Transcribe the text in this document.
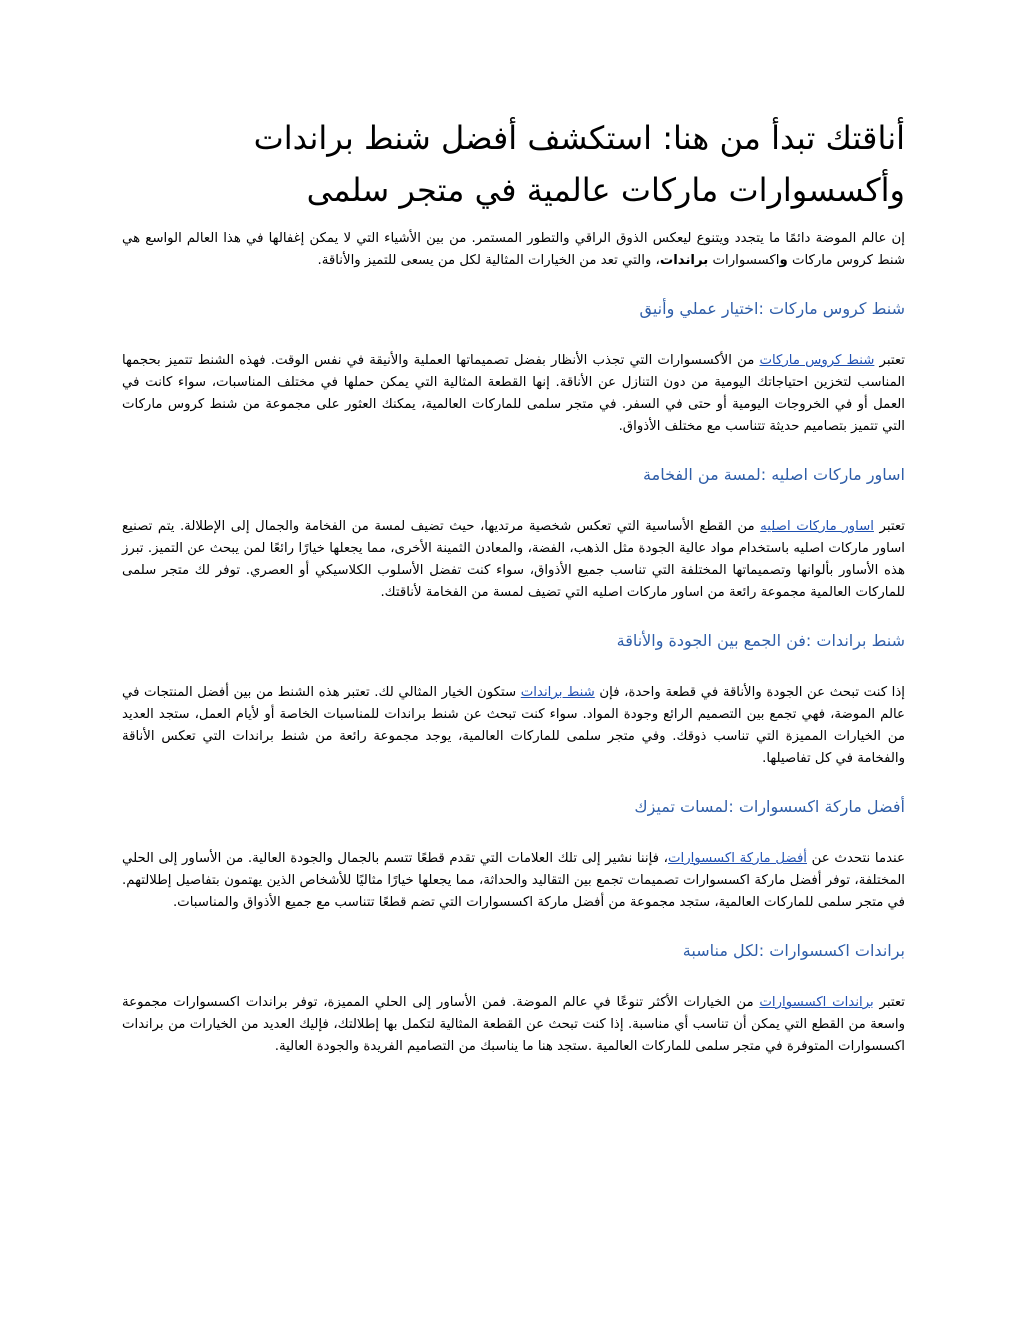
أناقتك تبدأ من هنا: استكشف أفضل شنط براندات وأكسسوارات ماركات عالمية في متجر سلمى

إن عالم الموضة دائمًا ما يتجدد ويتنوع ليعكس الذوق الراقي والتطور المستمر. من بين الأشياء التي لا يمكن إغفالها في هذا العالم الواسع هي شنط كروس ماركات واكسسوارات براندات، والتي تعد من الخيارات المثالية لكل من يسعى للتميز والأناقة.

شنط كروس ماركات :اختيار عملي وأنيق

تعتبر شنط كروس ماركات من الأكسسوارات التي تجذب الأنظار بفضل تصميماتها العملية والأنيقة في نفس الوقت. فهذه الشنط تتميز بحجمها المناسب لتخزين احتياجاتك اليومية من دون التنازل عن الأناقة. إنها القطعة المثالية التي يمكن حملها في مختلف المناسبات، سواء كانت في العمل أو في الخروجات اليومية أو حتى في السفر. في متجر سلمى للماركات العالمية، يمكنك العثور على مجموعة من شنط كروس ماركات التي تتميز بتصاميم حديثة تتناسب مع مختلف الأذواق.

اساور ماركات اصليه :لمسة من الفخامة

تعتبر اساور ماركات اصليه من القطع الأساسية التي تعكس شخصية مرتديها، حيث تضيف لمسة من الفخامة والجمال إلى الإطلالة. يتم تصنيع اساور ماركات اصليه باستخدام مواد عالية الجودة مثل الذهب، الفضة، والمعادن الثمينة الأخرى، مما يجعلها خيارًا رائعًا لمن يبحث عن التميز. تبرز هذه الأساور بألوانها وتصميماتها المختلفة التي تناسب جميع الأذواق، سواء كنت تفضل الأسلوب الكلاسيكي أو العصري. توفر لك متجر سلمى للماركات العالمية مجموعة رائعة من اساور ماركات اصليه التي تضيف لمسة من الفخامة لأناقتك.

شنط براندات :فن الجمع بين الجودة والأناقة

إذا كنت تبحث عن الجودة والأناقة في قطعة واحدة، فإن شنط براندات ستكون الخيار المثالي لك. تعتبر هذه الشنط من بين أفضل المنتجات في عالم الموضة، فهي تجمع بين التصميم الرائع وجودة المواد. سواء كنت تبحث عن شنط براندات للمناسبات الخاصة أو لأيام العمل، ستجد العديد من الخيارات المميزة التي تناسب ذوقك. وفي متجر سلمى للماركات العالمية، يوجد مجموعة رائعة من شنط براندات التي تعكس الأناقة والفخامة في كل تفاصيلها.

أفضل ماركة اكسسوارات :لمسات تميزك

عندما نتحدث عن أفضل ماركة اكسسوارات، فإننا نشير إلى تلك العلامات التي تقدم قطعًا تتسم بالجمال والجودة العالية. من الأساور إلى الحلي المختلفة، توفر أفضل ماركة اكسسوارات تصميمات تجمع بين التقاليد والحداثة، مما يجعلها خيارًا مثاليًا للأشخاص الذين يهتمون بتفاصيل إطلالتهم. في متجر سلمى للماركات العالمية، ستجد مجموعة من أفضل ماركة اكسسوارات التي تضم قطعًا تتناسب مع جميع الأذواق والمناسبات.

براندات اكسسوارات :لكل مناسبة

تعتبر براندات اكسسوارات من الخيارات الأكثر تنوعًا في عالم الموضة. فمن الأساور إلى الحلي المميزة، توفر براندات اكسسوارات مجموعة واسعة من القطع التي يمكن أن تناسب أي مناسبة. إذا كنت تبحث عن القطعة المثالية لتكمل بها إطلالتك، فإليك العديد من الخيارات من براندات اكسسوارات المتوفرة في متجر سلمى للماركات العالمية .ستجد هنا ما يناسبك من التصاميم الفريدة والجودة العالية.
